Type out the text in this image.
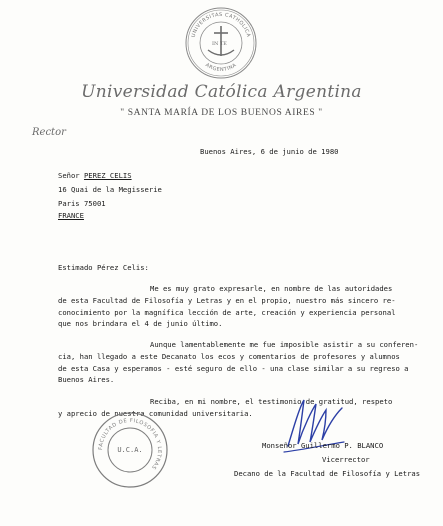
UNIVERSITAS CATHOLICA
ARGENTINA
IN TE
Universidad Católica Argentina
" SANTA MARÍA DE LOS BUENOS AIRES "
Rector
Buenos Aires, 6 de junio de 1980
Señor PEREZ CELIS
16 Quai de la Megisserie
Paris 75001
FRANCE
Estimado Pérez Celis:
Me es muy grato expresarle, en nombre de las autoridades
de esta Facultad de Filosofía y Letras y en el propio, nuestro más sincero re-
conocimiento por la magnífica lección de arte, creación y experiencia personal
que nos brindara el 4 de junio último.
Aunque lamentablemente me fue imposible asistir a su conferen-
cia, han llegado a este Decanato los ecos y comentarios de profesores y alumnos
de esta Casa y esperamos - esté seguro de ello - una clase similar a su regreso a
Buenos Aires.
Reciba, en mi nombre, el testimonio de gratitud, respeto
y aprecio de nuestra comunidad universitaria.
FACULTAD DE FILOSOFIA Y LETRAS
U.C.A.	Monseñor Guillermo P. BLANCO
Vicerrector
Decano de la Facultad de Filosofía y Letras
